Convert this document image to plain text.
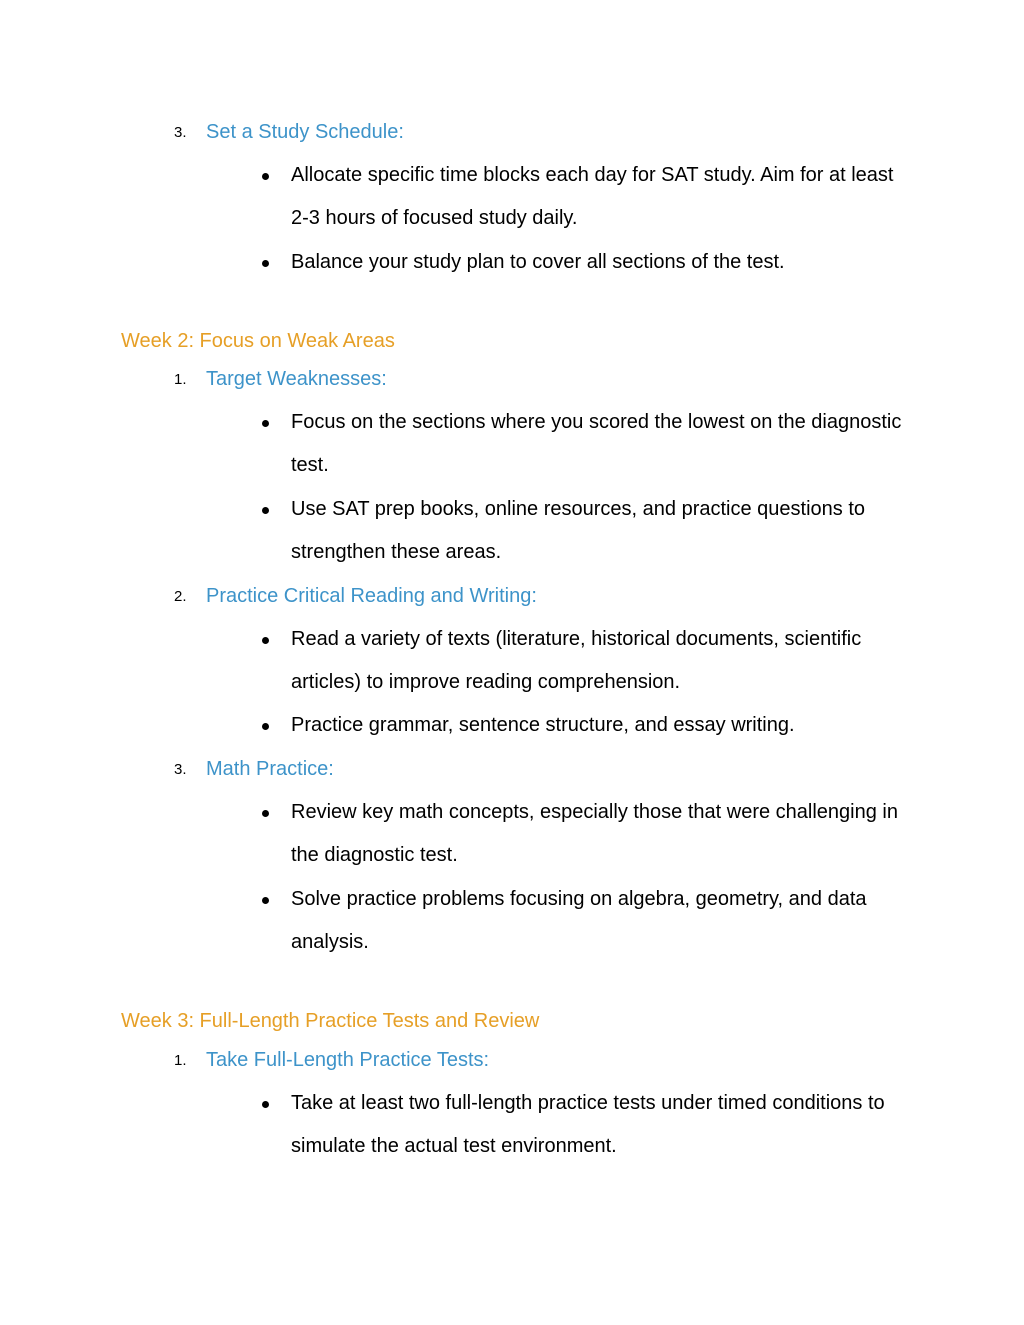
3. Set a Study Schedule:
Allocate specific time blocks each day for SAT study. Aim for at least 2-3 hours of focused study daily.
Balance your study plan to cover all sections of the test.
Week 2: Focus on Weak Areas
1. Target Weaknesses:
Focus on the sections where you scored the lowest on the diagnostic test.
Use SAT prep books, online resources, and practice questions to strengthen these areas.
2. Practice Critical Reading and Writing:
Read a variety of texts (literature, historical documents, scientific articles) to improve reading comprehension.
Practice grammar, sentence structure, and essay writing.
3. Math Practice:
Review key math concepts, especially those that were challenging in the diagnostic test.
Solve practice problems focusing on algebra, geometry, and data analysis.
Week 3: Full-Length Practice Tests and Review
1. Take Full-Length Practice Tests:
Take at least two full-length practice tests under timed conditions to simulate the actual test environment.
